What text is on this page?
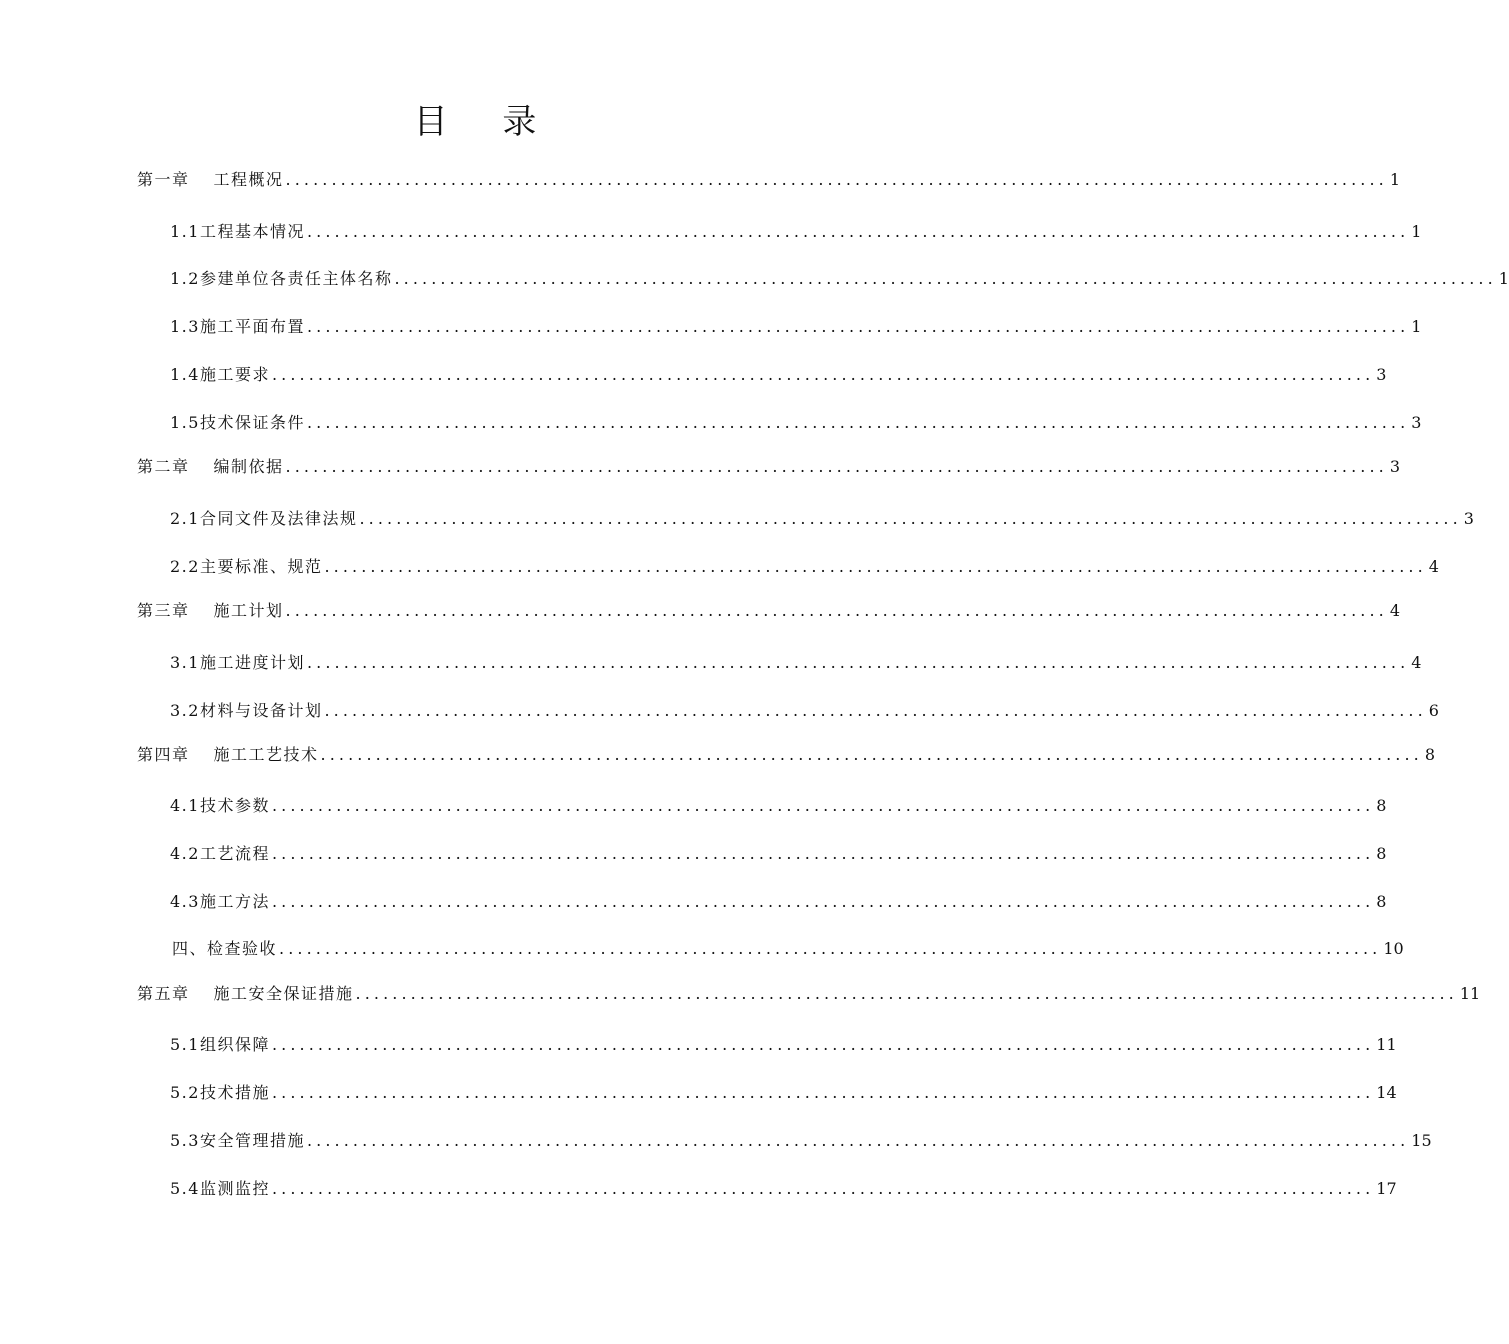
目 录
第一章 工程概况 ........................................................................................................................ 1
1.1工程基本情况 ........................................................................................................................ 1
1.2参建单位各责任主体名称 ........................................................................................................................ 1
1.3施工平面布置 ........................................................................................................................ 1
1.4施工要求 ........................................................................................................................ 3
1.5技术保证条件 ........................................................................................................................ 3
第二章 编制依据 ........................................................................................................................ 3
2.1合同文件及法律法规 ........................................................................................................................ 3
2.2主要标准、规范 ........................................................................................................................ 4
第三章 施工计划 ........................................................................................................................ 4
3.1施工进度计划 ........................................................................................................................ 4
3.2材料与设备计划 ........................................................................................................................ 6
第四章 施工工艺技术 ........................................................................................................................ 8
4.1技术参数 ........................................................................................................................ 8
4.2工艺流程 ........................................................................................................................ 8
4.3施工方法 ........................................................................................................................ 8
四、检查验收 ........................................................................................................................ 10
第五章 施工安全保证措施 ........................................................................................................................ 11
5.1组织保障 ........................................................................................................................ 11
5.2技术措施 ........................................................................................................................ 14
5.3安全管理措施 ........................................................................................................................ 15
5.4监测监控 ........................................................................................................................ 17
